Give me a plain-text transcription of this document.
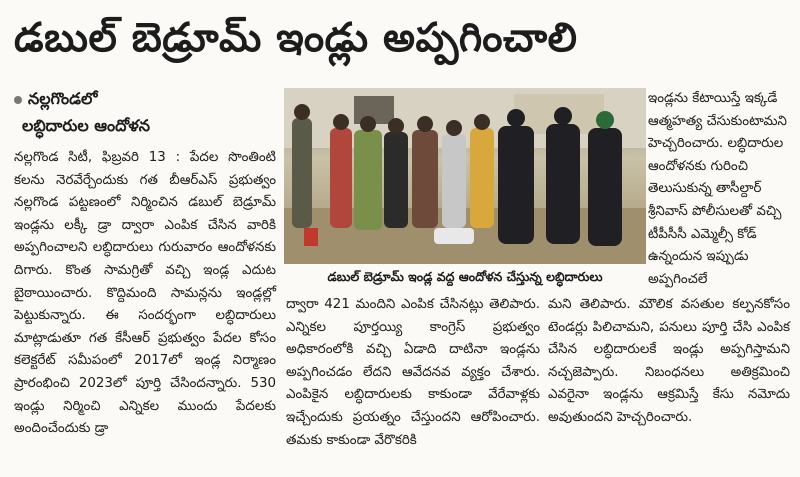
డబుల్ బెడ్రూమ్ ఇండ్లు అప్పగించాలి
నల్లగొండలో
లబ్ధిదారుల ఆందోళన

నల్లగొండ సిటీ, ఫిబ్రవరి 13 : పేదల సొంతింటి కలను నెరవేర్చేందుకు గత బీఆర్ఎస్ ప్రభుత్వం నల్లగొండ పట్టణంలో నిర్మించిన డబుల్ బెడ్రూమ్ ఇండ్లను లక్కీ డ్రా ద్వారా ఎంపిక చేసిన వారికి అప్పగించాలని లబ్ధిదారులు గురువారం ఆందోళనకు దిగారు. కొంత సామగ్రితో వచ్చి ఇండ్ల ఎదుట బైఠాయించారు. కొద్దిమంది సామన్లను ఇండ్లల్లో పెట్టుకున్నారు. ఈ సందర్భంగా లబ్ధిదారులు మాట్లాడుతూ గత కేసీఆర్ ప్రభుత్వం పేదల కోసం కలెక్టరేట్ సమీపంలో 2017లో ఇండ్ల నిర్మాణం ప్రారంభించి 2023లో పూర్తి చేసిందన్నారు. 530 ఇండ్లు నిర్మించి ఎన్నికల ముందు పేదలకు అందించేందుకు డ్రా

డబుల్ బెడ్రూమ్ ఇండ్ల వద్ద ఆందోళన చేస్తున్న లబ్ధిదారులు

ఇండ్లను కేటాయిస్తే ఇక్కడే ఆత్మహత్య చేసుకుంటామని హెచ్చరించారు. లబ్ధిదారుల ఆందోళనకు గురించి తెలుసుకున్న తాసీల్దార్ శ్రీనివాస్ పోలీసులతో వచ్చి టీపీసీసీ ఎమ్మెల్సీ కోడ్ ఉన్నందున ఇప్పుడు అప్పగించలే

ద్వారా 421 మందిని ఎంపిక చేసినట్లు తెలిపారు. ఎన్నికల పూర్తయ్యి కాంగ్రెస్ ప్రభుత్వం అధికారంలోకి వచ్చి ఏడాది దాటినా ఇండ్లను అప్పగించడం లేదని ఆవేదనవ వ్యక్తం చేశారు. ఎంపికైన లబ్ధిదారులకు కాకుండా వేరేవాళ్లకు ఇచ్చేందుకు ప్రయత్నం చేస్తుందని ఆరోపించారు. తమకు కాకుండా వేరొకరికి

మని తెలిపారు. మౌలిక వసతుల కల్పనకోసం టెండర్లు పిలిచామని, పనులు పూర్తి చేసి ఎంపిక చేసిన లబ్ధిదారులకే ఇండ్లు అప్పగిస్తామని నచ్చజెప్పారు. నిబంధనలు అతిక్రమించి ఎవరైనా ఇండ్లను ఆక్రమిస్తే కేసు నమోదు అవుతుందని హెచ్చరించారు.
